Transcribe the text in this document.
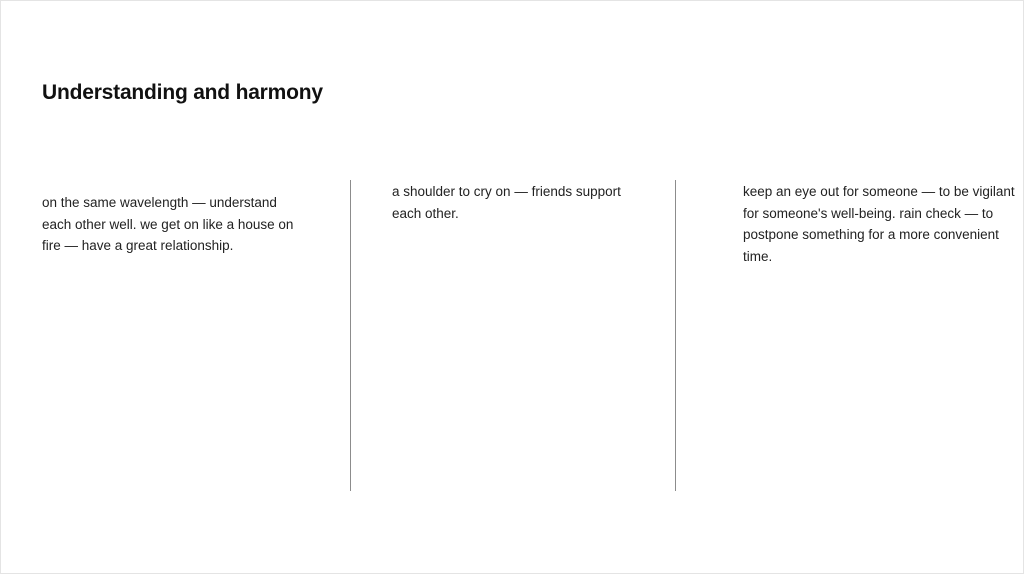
Understanding and harmony

on the same wavelength — understand each other well. we get on like a house on fire — have a great relationship.

a shoulder to cry on — friends support each other.

keep an eye out for someone — to be vigilant for someone's well-being. rain check — to postpone something for a more convenient time.
